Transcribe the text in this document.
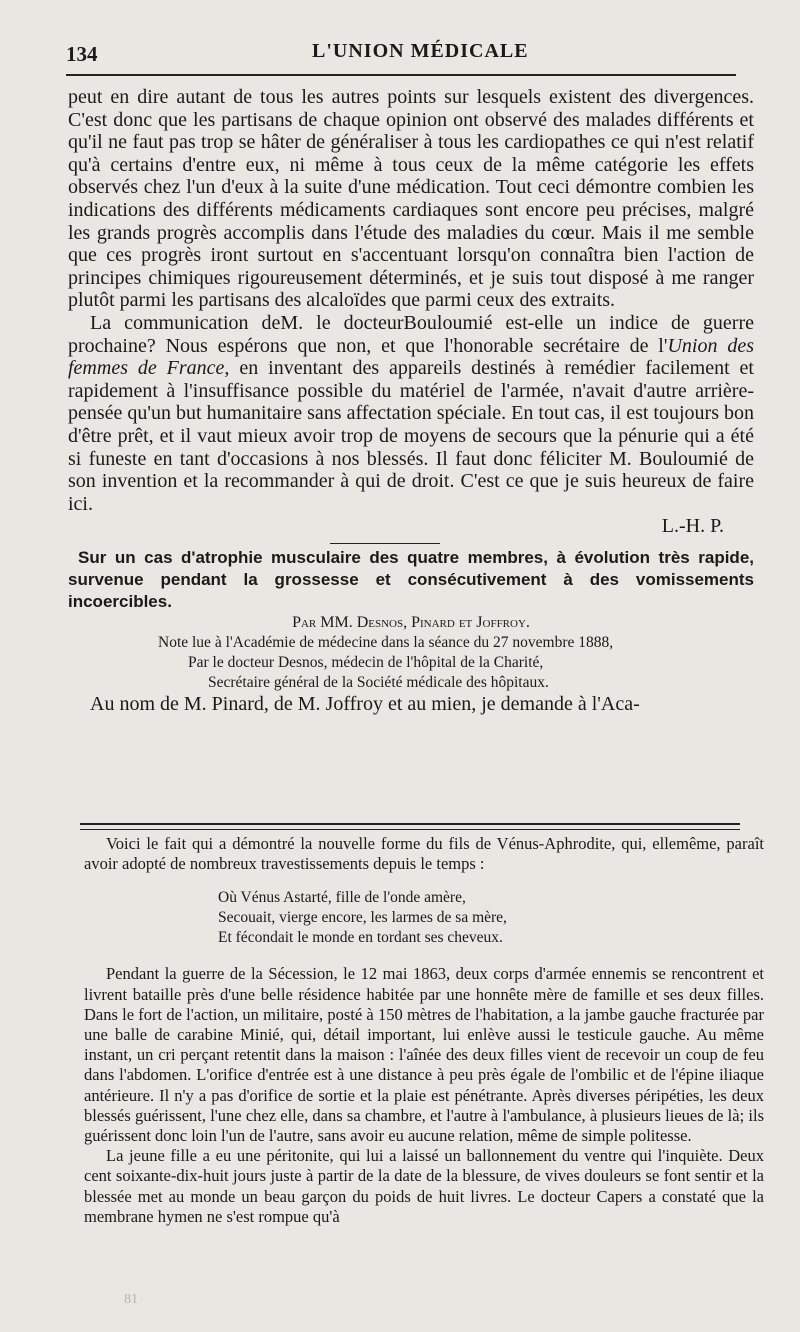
134	L'UNION MÉDICALE

peut en dire autant de tous les autres points sur lesquels existent des divergences. C'est donc que les partisans de chaque opinion ont observé des malades différents et qu'il ne faut pas trop se hâter de généraliser à tous les cardiopathes ce qui n'est relatif qu'à certains d'entre eux, ni même à tous ceux de la même catégorie les effets observés chez l'un d'eux à la suite d'une médication. Tout ceci démontre combien les indications des différents médicaments cardiaques sont encore peu précises, malgré les grands progrès accomplis dans l'étude des maladies du cœur. Mais il me semble que ces progrès iront surtout en s'accentuant lorsqu'on connaîtra bien l'action de principes chimiques rigoureusement déterminés, et je suis tout disposé à me ranger plutôt parmi les partisans des alcaloïdes que parmi ceux des extraits.

La communication deM. le docteurBouloumié est-elle un indice de guerre prochaine? Nous espérons que non, et que l'honorable secrétaire de l'Union des femmes de France, en inventant des appareils destinés à remédier facilement et rapidement à l'insuffisance possible du matériel de l'armée, n'avait d'autre arrière-pensée qu'un but humanitaire sans affectation spéciale. En tout cas, il est toujours bon d'être prêt, et il vaut mieux avoir trop de moyens de secours que la pénurie qui a été si funeste en tant d'occasions à nos blessés. Il faut donc féliciter M. Bouloumié de son invention et la recommander à qui de droit. C'est ce que je suis heureux de faire ici.

L.-H. P.

Sur un cas d'atrophie musculaire des quatre membres, à évolution très rapide, survenue pendant la grossesse et consécutivement à des vomissements incoercibles.

Par MM. Desnos, Pinard et Joffroy.

Note lue à l'Académie de médecine dans la séance du 27 novembre 1888,

Par le docteur Desnos, médecin de l'hôpital de la Charité,

Secrétaire général de la Société médicale des hôpitaux.

Au nom de M. Pinard, de M. Joffroy et au mien, je demande à l'Aca-

Voici le fait qui a démontré la nouvelle forme du fils de Vénus-Aphrodite, qui, ellemême, paraît avoir adopté de nombreux travestissements depuis le temps :

Où Vénus Astarté, fille de l'onde amère,
Secouait, vierge encore, les larmes de sa mère,
Et fécondait le monde en tordant ses cheveux.

Pendant la guerre de la Sécession, le 12 mai 1863, deux corps d'armée ennemis se rencontrent et livrent bataille près d'une belle résidence habitée par une honnête mère de famille et ses deux filles. Dans le fort de l'action, un militaire, posté à 150 mètres de l'habitation, a la jambe gauche fracturée par une balle de carabine Minié, qui, détail important, lui enlève aussi le testicule gauche. Au même instant, un cri perçant retentit dans la maison : l'aînée des deux filles vient de recevoir un coup de feu dans l'abdomen. L'orifice d'entrée est à une distance à peu près égale de l'ombilic et de l'épine iliaque antérieure. Il n'y a pas d'orifice de sortie et la plaie est pénétrante. Après diverses péripéties, les deux blessés guérissent, l'une chez elle, dans sa chambre, et l'autre à l'ambulance, à plusieurs lieues de là; ils guérissent donc loin l'un de l'autre, sans avoir eu aucune relation, même de simple politesse.

La jeune fille a eu une péritonite, qui lui a laissé un ballonnement du ventre qui l'inquiète. Deux cent soixante-dix-huit jours juste à partir de la date de la blessure, de vives douleurs se font sentir et la blessée met au monde un beau garçon du poids de huit livres. Le docteur Capers a constaté que la membrane hymen ne s'est rompue qu'à

81
